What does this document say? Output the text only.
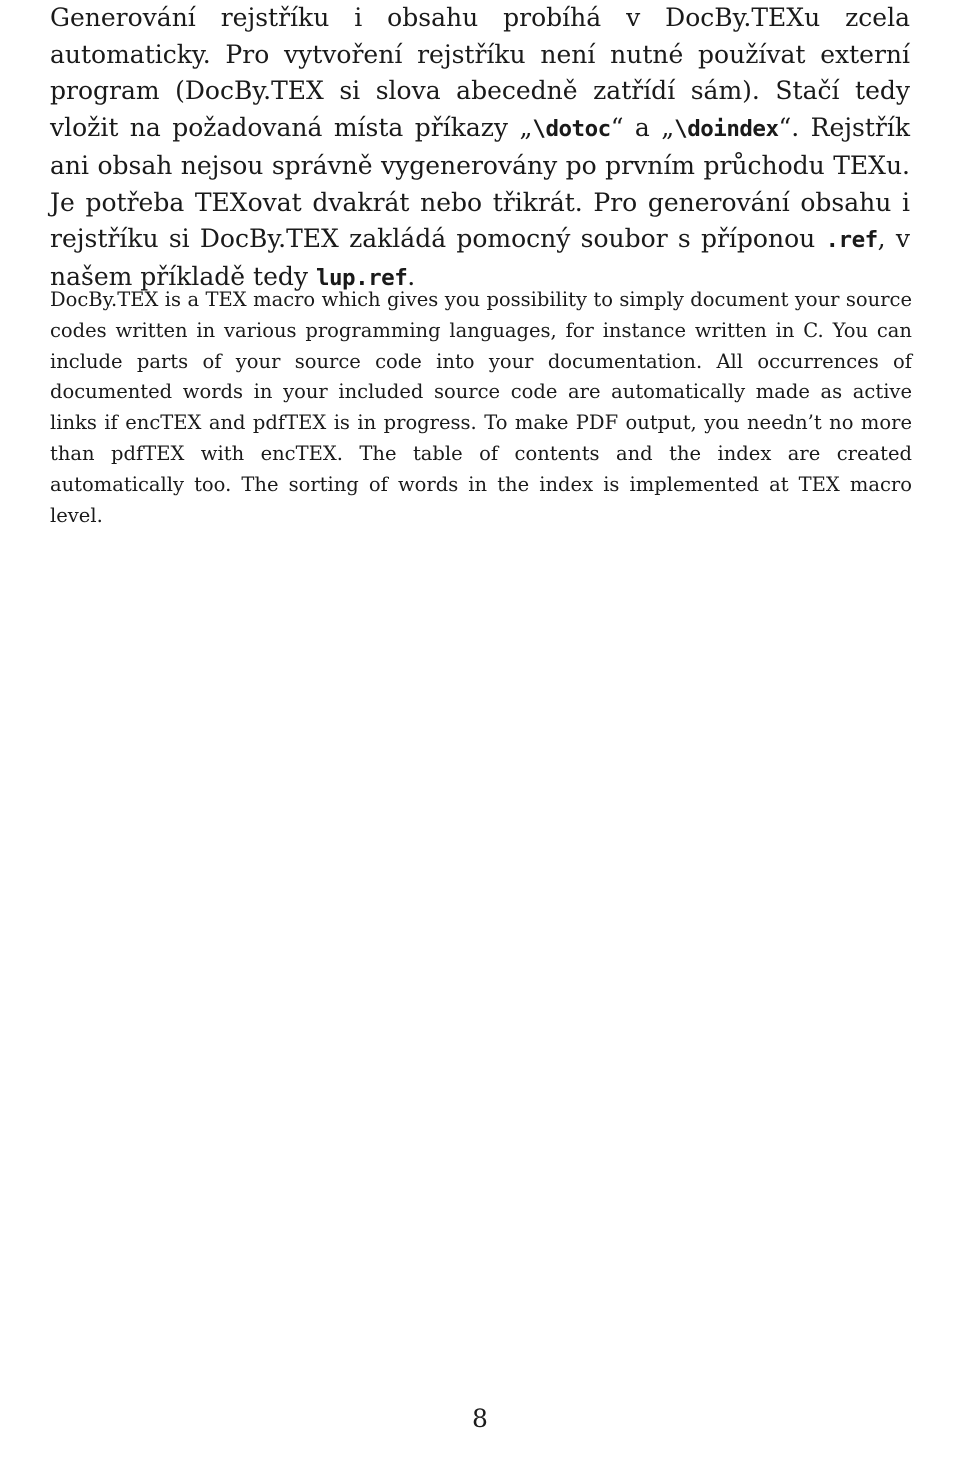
Generování rejstříku i obsahu probíhá v DocBy.TEXu zcela automaticky. Pro vytvoření rejstříku není nutné používat externí program (DocBy.TEX si slova abecedně zatřídí sám). Stačí tedy vložit na požadovaná místa příkazy „\dotoc“ a „\doindex“. Rejstřík ani obsah nejsou správně vygenerovány po prvním průchodu TEXu. Je potřeba TEXovat dvakrát nebo třikrát. Pro generování obsahu i rejstříku si DocBy.TEX zakládá pomocný soubor s příponou .ref, v našem příkladě tedy lup.ref.

DocBy.TEX is a TEX macro which gives you possibility to simply document your source codes written in various programming languages, for instance written in C. You can include parts of your source code into your documentation. All occurrences of documented words in your included source code are automatically made as active links if encTEX and pdfTEX is in progress. To make PDF output, you needn’t no more than pdfTEX with encTEX. The table of contents and the index are created automatically too. The sorting of words in the index is implemented at TEX macro level.

8
